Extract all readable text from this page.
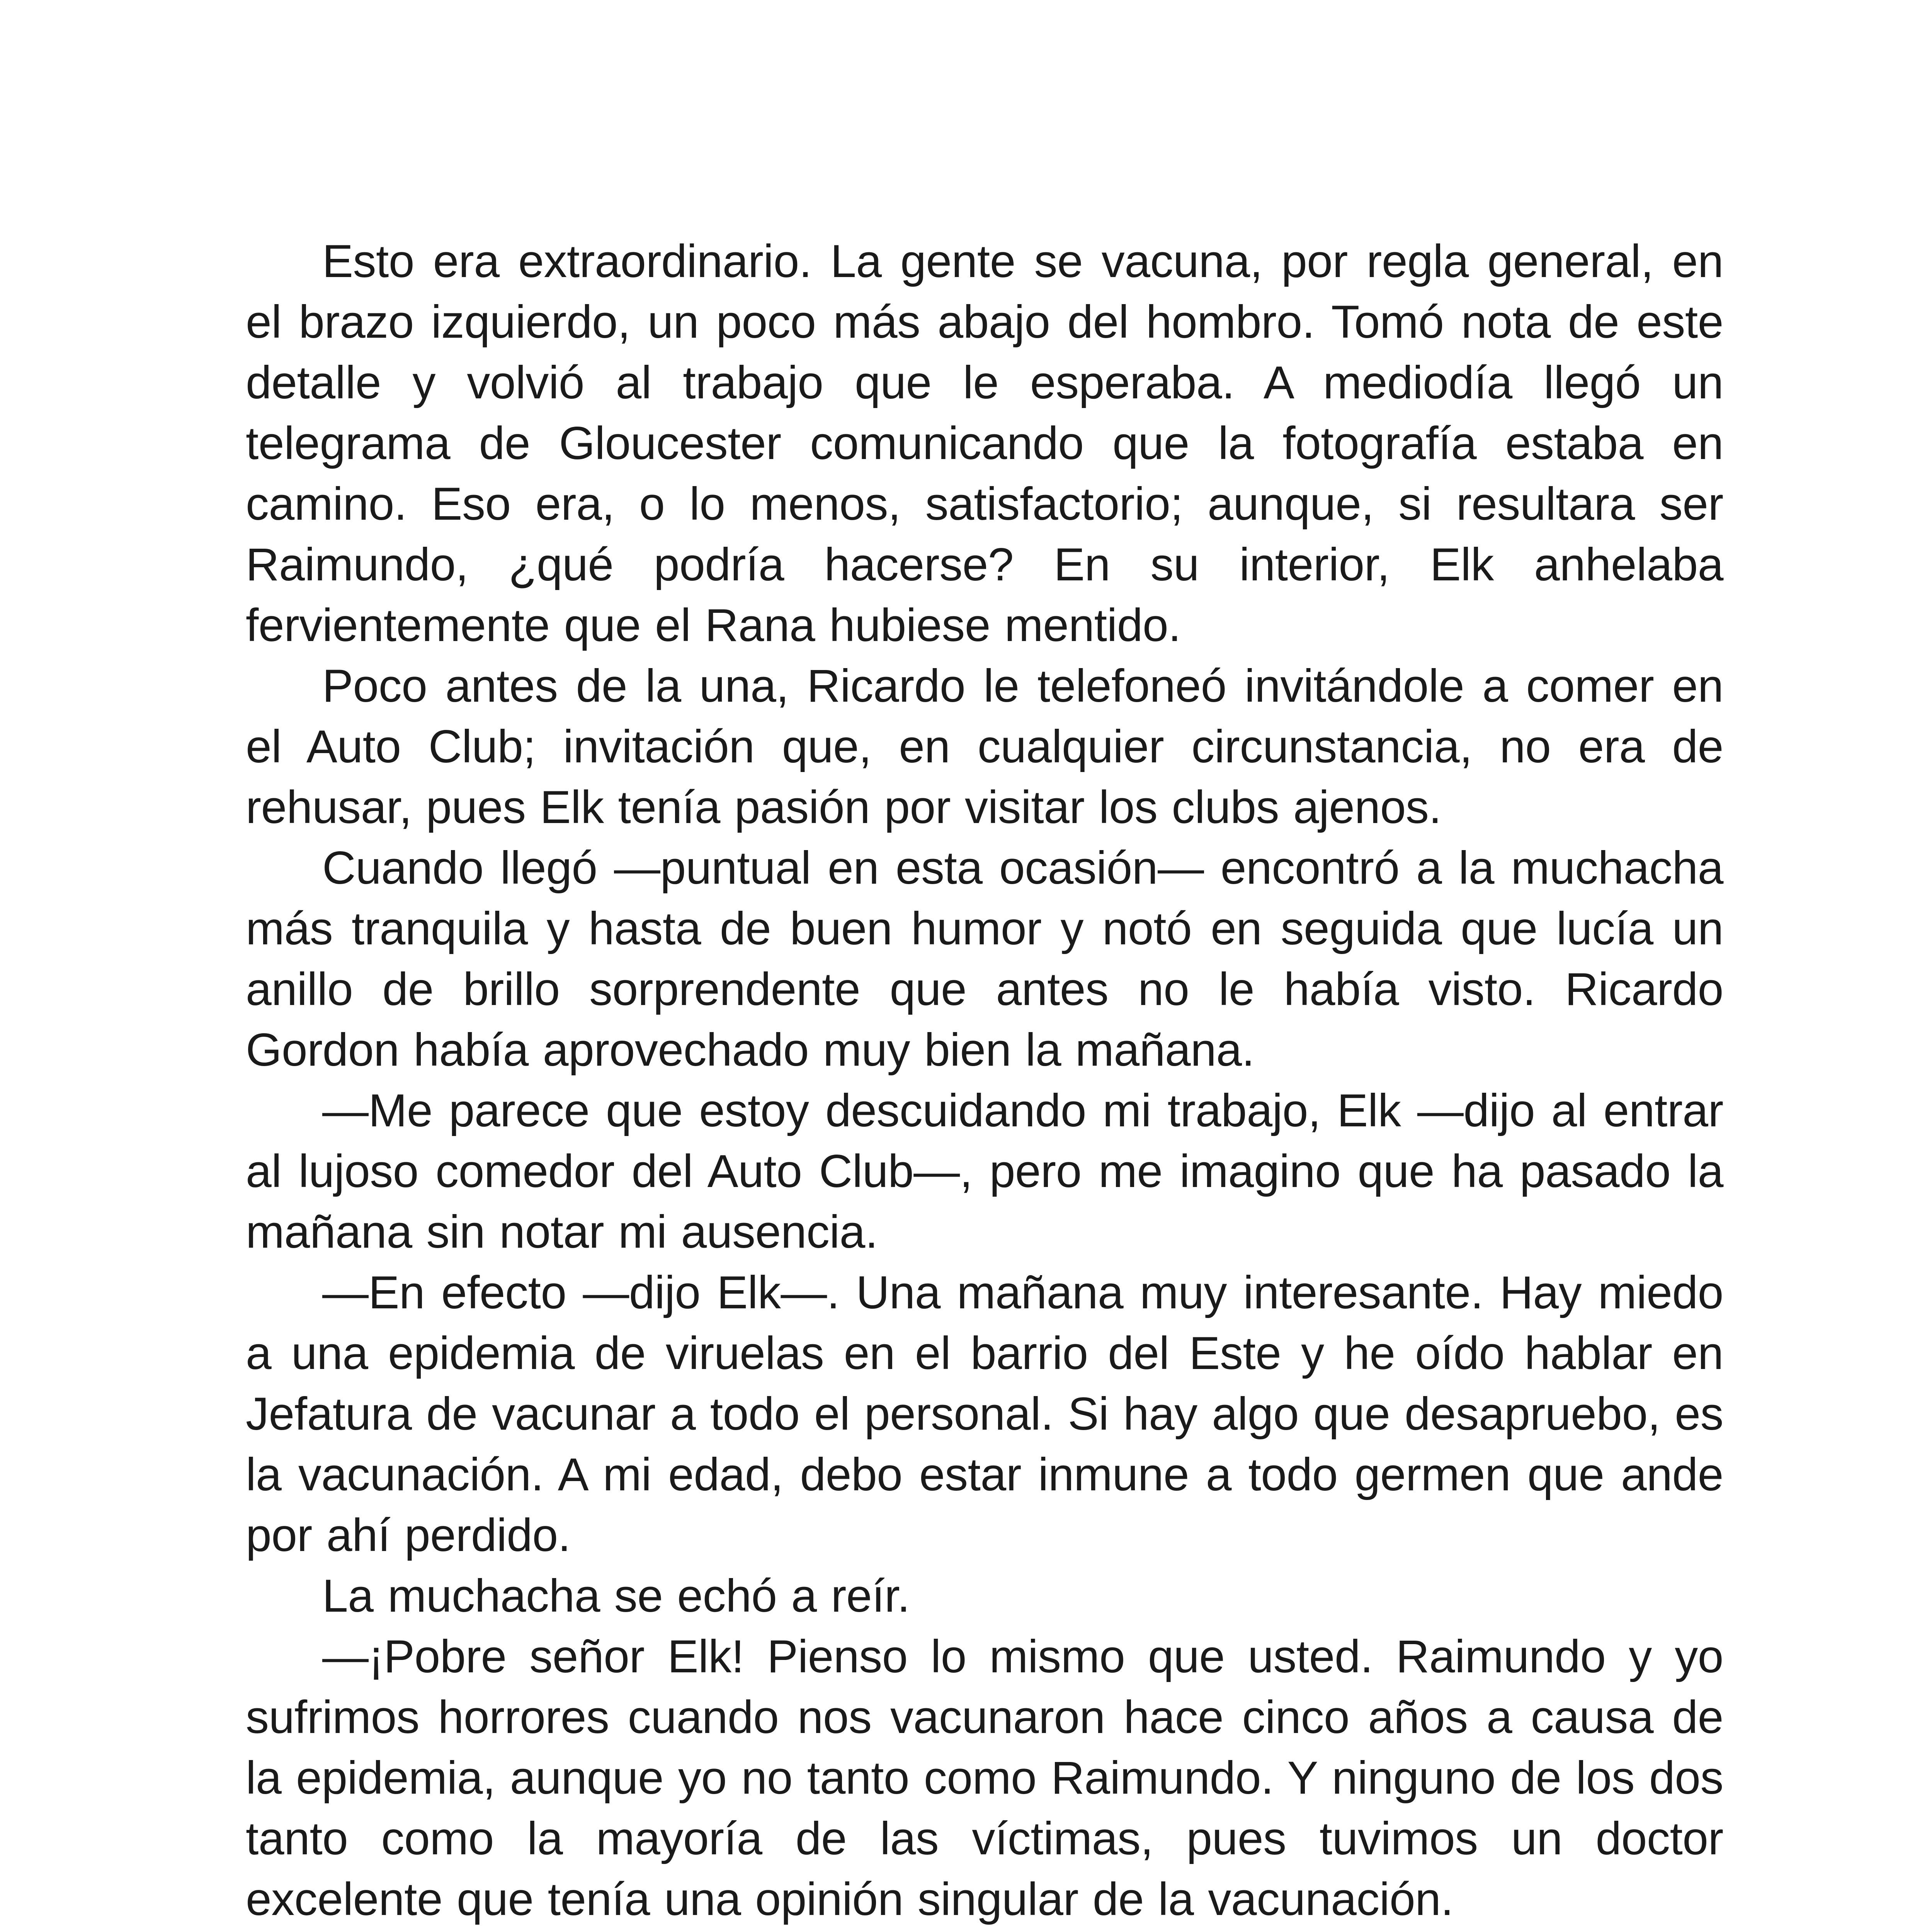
Esto era extraordinario. La gente se vacuna, por regla general, en el brazo izquierdo, un poco más abajo del hombro. Tomó nota de este detalle y volvió al trabajo que le esperaba. A mediodía llegó un telegrama de Gloucester comunicando que la fotografía estaba en camino. Eso era, o lo menos, satisfactorio; aunque, si resultara ser Raimundo, ¿qué podría hacerse? En su interior, Elk anhelaba fervientemente que el Rana hubiese mentido.

Poco antes de la una, Ricardo le telefoneó invitándole a comer en el Auto Club; invitación que, en cualquier circunstancia, no era de rehusar, pues Elk tenía pasión por visitar los clubs ajenos.

Cuando llegó —puntual en esta ocasión— encontró a la muchacha más tranquila y hasta de buen humor y notó en seguida que lucía un anillo de brillo sorprendente que antes no le había visto. Ricardo Gordon había aprovechado muy bien la mañana.

—Me parece que estoy descuidando mi trabajo, Elk —dijo al entrar al lujoso comedor del Auto Club—, pero me imagino que ha pasado la mañana sin notar mi ausencia.

—En efecto —dijo Elk—. Una mañana muy interesante. Hay miedo a una epidemia de viruelas en el barrio del Este y he oído hablar en Jefatura de vacunar a todo el personal. Si hay algo que desapruebo, es la vacunación. A mi edad, debo estar inmune a todo germen que ande por ahí perdido.

La muchacha se echó a reír.

—¡Pobre señor Elk! Pienso lo mismo que usted. Raimundo y yo sufrimos horrores cuando nos vacunaron hace cinco años a causa de la epidemia, aunque yo no tanto como Raimundo. Y ninguno de los dos tanto como la mayoría de las víctimas, pues tuvimos un doctor excelente que tenía una opinión singular de la vacunación.
